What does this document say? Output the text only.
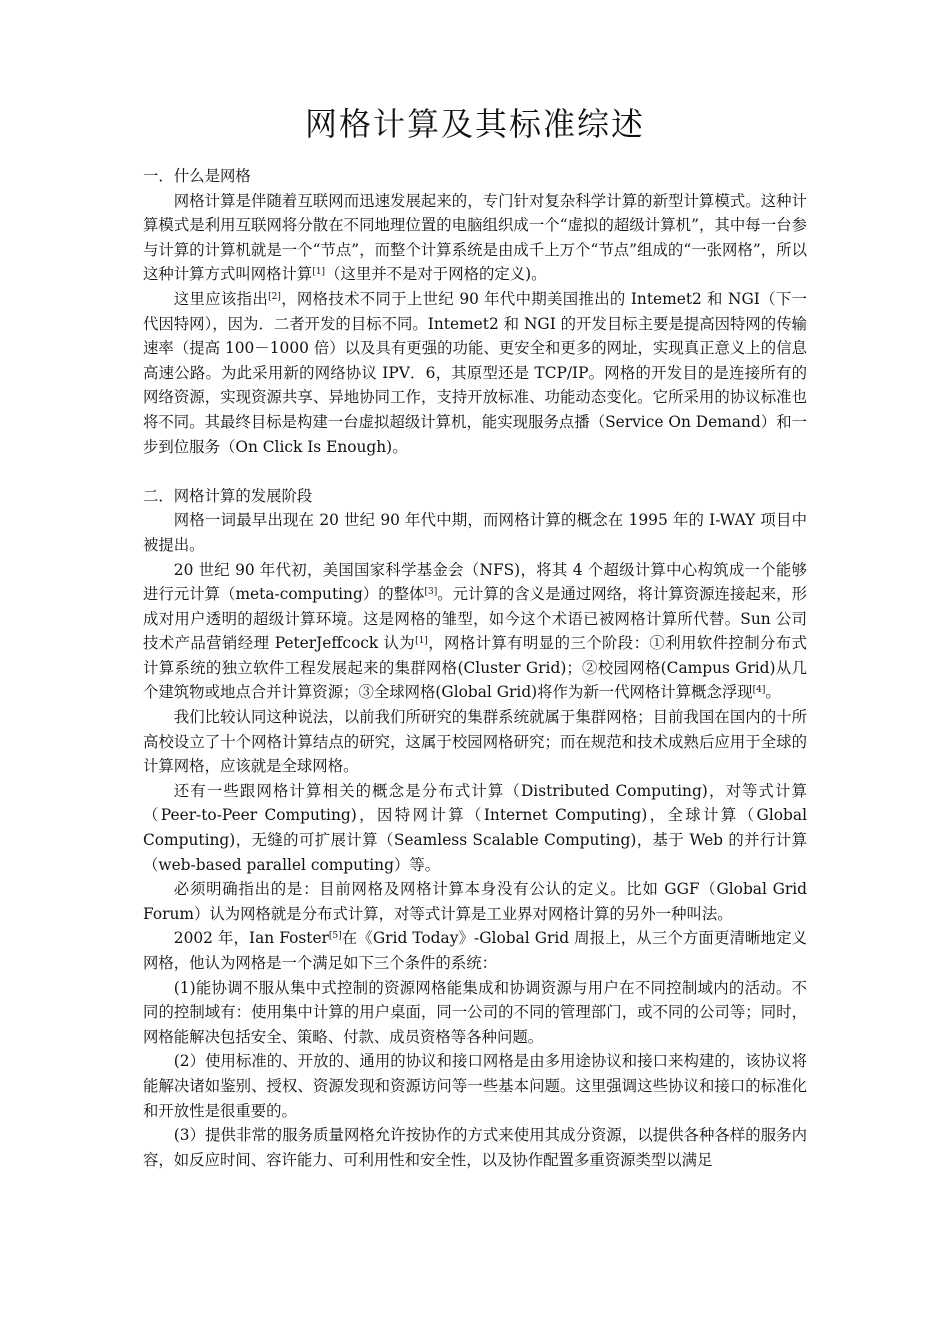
网格计算及其标准综述

一．什么是网格

网格计算是伴随着互联网而迅速发展起来的，专门针对复杂科学计算的新型计算模式。这种计算模式是利用互联网将分散在不同地理位置的电脑组织成一个“虚拟的超级计算机”，其中每一台参与计算的计算机就是一个“节点”，而整个计算系统是由成千上万个“节点”组成的“一张网格”，所以这种计算方式叫网格计算[1]（这里并不是对于网格的定义)。

这里应该指出[2]，网格技术不同于上世纪 90 年代中期美国推出的 Intemet2 和 NGI（下一代因特网），因为．二者开发的目标不同。Intemet2 和 NGI 的开发目标主要是提高因特网的传输速率（提高 100－1000 倍）以及具有更强的功能、更安全和更多的网址，实现真正意义上的信息高速公路。为此采用新的网络协议 IPV．6，其原型还是 TCP/IP。网格的开发目的是连接所有的网络资源，实现资源共享、异地协同工作，支持开放标准、功能动态变化。它所采用的协议标准也将不同。其最终目标是构建一台虚拟超级计算机，能实现服务点播（Service On Demand）和一步到位服务（On Click Is Enough)。

二．网格计算的发展阶段

网格一词最早出现在 20 世纪 90 年代中期，而网格计算的概念在 1995 年的 I-WAY 项目中被提出。

20 世纪 90 年代初，美国国家科学基金会（NFS)，将其 4 个超级计算中心构筑成一个能够进行元计算（meta-computing）的整体[3]。元计算的含义是通过网络，将计算资源连接起来，形成对用户透明的超级计算环境。这是网格的雏型，如今这个术语已被网格计算所代替。Sun 公司技术产品营销经理 PeterJeffcock 认为[1]，网格计算有明显的三个阶段：①利用软件控制分布式计算系统的独立软件工程发展起来的集群网格(Cluster Grid)；②校园网格(Campus Grid)从几个建筑物或地点合并计算资源；③全球网格(Global Grid)将作为新一代网格计算概念浮现[4]。

我们比较认同这种说法，以前我们所研究的集群系统就属于集群网格；目前我国在国内的十所高校设立了十个网格计算结点的研究，这属于校园网格研究；而在规范和技术成熟后应用于全球的计算网格，应该就是全球网格。

还有一些跟网格计算相关的概念是分布式计算（Distributed Computing)，对等式计算（Peer-to-Peer Computing)，因特网计算（Internet Computing)，全球计算（Global Computing)，无缝的可扩展计算（Seamless Scalable Computing)，基于 Web 的并行计算（web-based parallel computing）等。

必须明确指出的是：目前网格及网格计算本身没有公认的定义。比如 GGF（Global Grid Forum）认为网格就是分布式计算，对等式计算是工业界对网格计算的另外一种叫法。

2002 年，Ian Foster[5]在《Grid Today》-Global Grid 周报上，从三个方面更清晰地定义网格，他认为网格是一个满足如下三个条件的系统：

(1)能协调不服从集中式控制的资源网格能集成和协调资源与用户在不同控制域内的活动。不同的控制域有：使用集中计算的用户桌面，同一公司的不同的管理部门，或不同的公司等；同时，网格能解决包括安全、策略、付款、成员资格等各种问题。

(2）使用标准的、开放的、通用的协议和接口网格是由多用途协议和接口来构建的，该协议将能解决诸如鉴别、授权、资源发现和资源访问等一些基本问题。这里强调这些协议和接口的标准化和开放性是很重要的。

(3）提供非常的服务质量网格允许按协作的方式来使用其成分资源，以提供各种各样的服务内容，如反应时间、容许能力、可利用性和安全性，以及协作配置多重资源类型以满足
